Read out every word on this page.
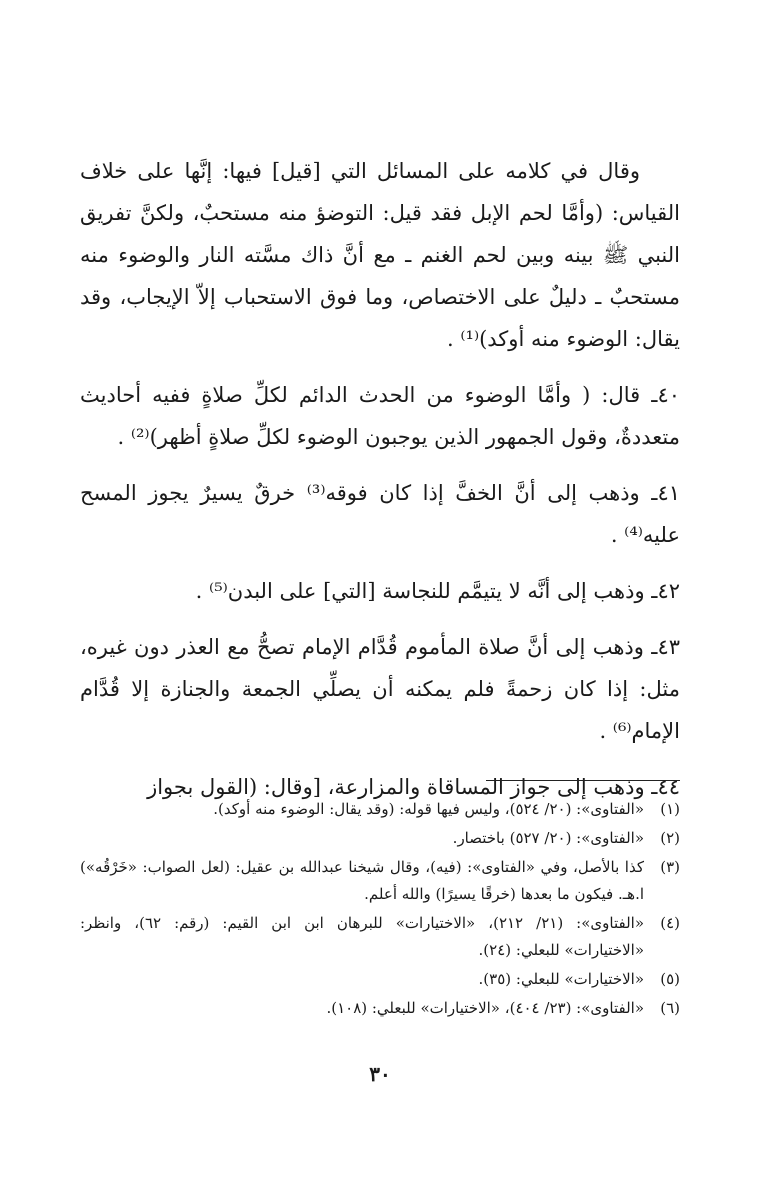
وقال في كلامه على المسائل التي [قيل] فيها: إنَّها على خلاف القياس: (وأمَّا لحم الإبل فقد قيل: التوضؤ منه مستحبٌ، ولكنَّ تفريق النبي ﷺ بينه وبين لحم الغنم ـ مع أنَّ ذاك مسَّته النار والوضوء منه مستحبٌ ـ دليلٌ على الاختصاص، وما فوق الاستحباب إلاّ الإيجاب، وقد يقال: الوضوء منه أوكد)⁽¹⁾ .

٤٠ـ قال: ( وأمَّا الوضوء من الحدث الدائم لكلِّ صلاةٍ ففيه أحاديث متعددةٌ، وقول الجمهور الذين يوجبون الوضوء لكلِّ صلاةٍ أظهر)⁽²⁾ .

٤١ـ وذهب إلى أنَّ الخفَّ إذا كان فوقه⁽³⁾ خرقٌ يسيرٌ يجوز المسح عليه⁽⁴⁾ .

٤٢ـ وذهب إلى أنَّه لا يتيمَّم للنجاسة [التي] على البدن⁽⁵⁾ .

٤٣ـ وذهب إلى أنَّ صلاة المأموم قُدَّام الإمام تصحُّ مع العذر دون غيره، مثل: إذا كان زحمةً فلم يمكنه أن يصلِّي الجمعة والجنازة إلا قُدَّام الإمام⁽⁶⁾ .

٤٤ـ وذهب إلى جواز المساقاة والمزارعة، [وقال: (القول بجواز

(١)
«الفتاوى»: (٢٠/ ٥٢٤)، وليس فيها قوله: (وقد يقال: الوضوء منه أوكد).
(٢)
«الفتاوى»: (٢٠/ ٥٢٧) باختصار.
(٣)
كذا بالأصل، وفي «الفتاوى»: (فيه)، وقال شيخنا عبدالله بن عقيل: (لعل الصواب: «خَرْقُه») ا.هـ. فيكون ما بعدها (خرقًا يسيرًا) والله أعلم.
(٤)
«الفتاوى»: (٢١/ ٢١٢)، «الاختيارات» للبرهان ابن ابن القيم: (رقم: ٦٢)، وانظر: «الاختيارات» للبعلي: (٢٤).
(٥)
«الاختيارات» للبعلي: (٣٥).
(٦)
«الفتاوى»: (٢٣/ ٤٠٤)، «الاختيارات» للبعلي: (١٠٨).
٣٠
